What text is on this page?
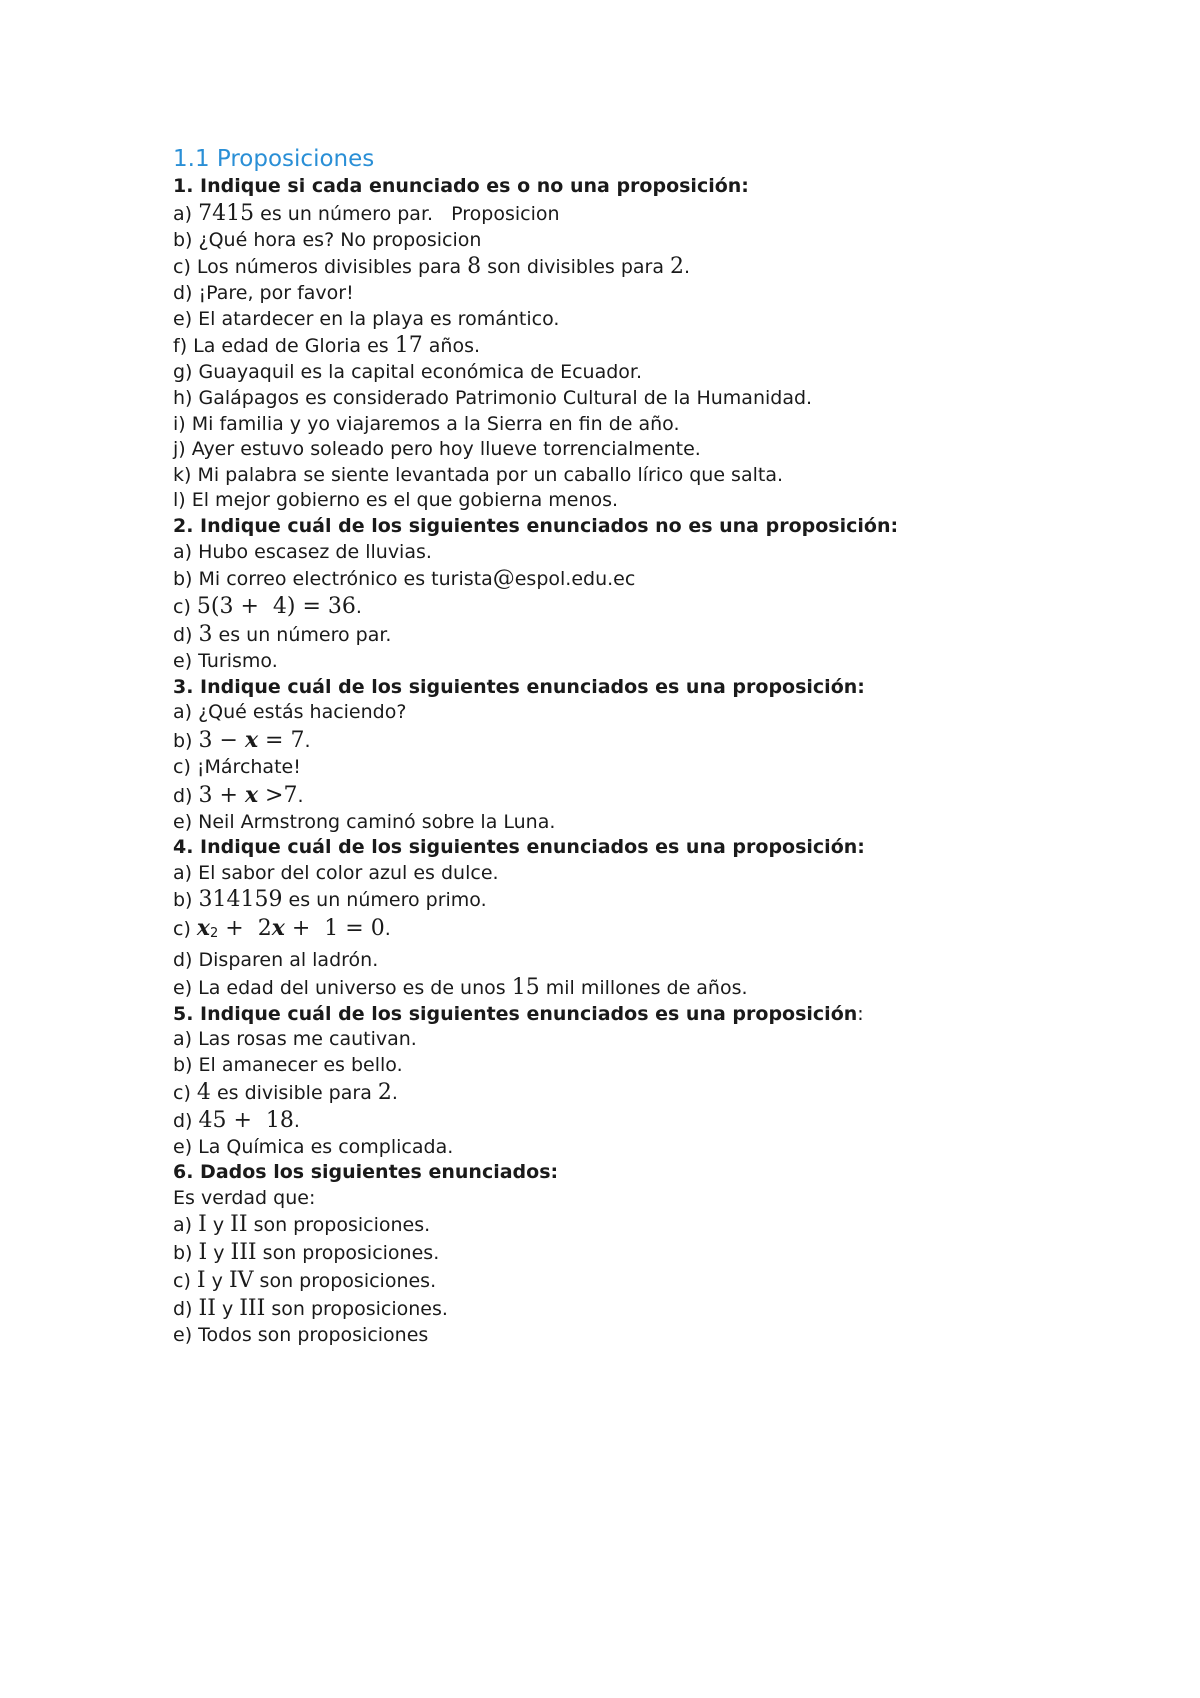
1.1 Proposiciones

1. Indique si cada enunciado es o no una proposición:

a) 7415 es un número par.   Proposicion

b) ¿Qué hora es? No proposicion

c) Los números divisibles para 8 son divisibles para 2.

d) ¡Pare, por favor!

e) El atardecer en la playa es romántico.

f) La edad de Gloria es 17 años.

g) Guayaquil es la capital económica de Ecuador.

h) Galápagos es considerado Patrimonio Cultural de la Humanidad.

i) Mi familia y yo viajaremos a la Sierra en fin de año.

j) Ayer estuvo soleado pero hoy llueve torrencialmente.

k) Mi palabra se siente levantada por un caballo lírico que salta.

l) El mejor gobierno es el que gobierna menos.

2. Indique cuál de los siguientes enunciados no es una proposición:

a) Hubo escasez de lluvias.

b) Mi correo electrónico es turista@espol.edu.ec

c) 5(3 +  4) = 36.

d) 3 es un número par.

e) Turismo.

3. Indique cuál de los siguientes enunciados es una proposición:

a) ¿Qué estás haciendo?

b) 3 − x = 7.

c) ¡Márchate!

d) 3 + x >7.

e) Neil Armstrong caminó sobre la Luna.

4. Indique cuál de los siguientes enunciados es una proposición:

a) El sabor del color azul es dulce.

b) 314159 es un número primo.

c) x2 +  2x +  1 = 0.

d) Disparen al ladrón.

e) La edad del universo es de unos 15 mil millones de años.

5. Indique cuál de los siguientes enunciados es una proposición:

a) Las rosas me cautivan.

b) El amanecer es bello.

c) 4 es divisible para 2.

d) 45 +  18.

e) La Química es complicada.

6. Dados los siguientes enunciados:

Es verdad que:

a) I y II son proposiciones.

b) I y III son proposiciones.

c) I y IV son proposiciones.

d) II y III son proposiciones.

e) Todos son proposiciones
